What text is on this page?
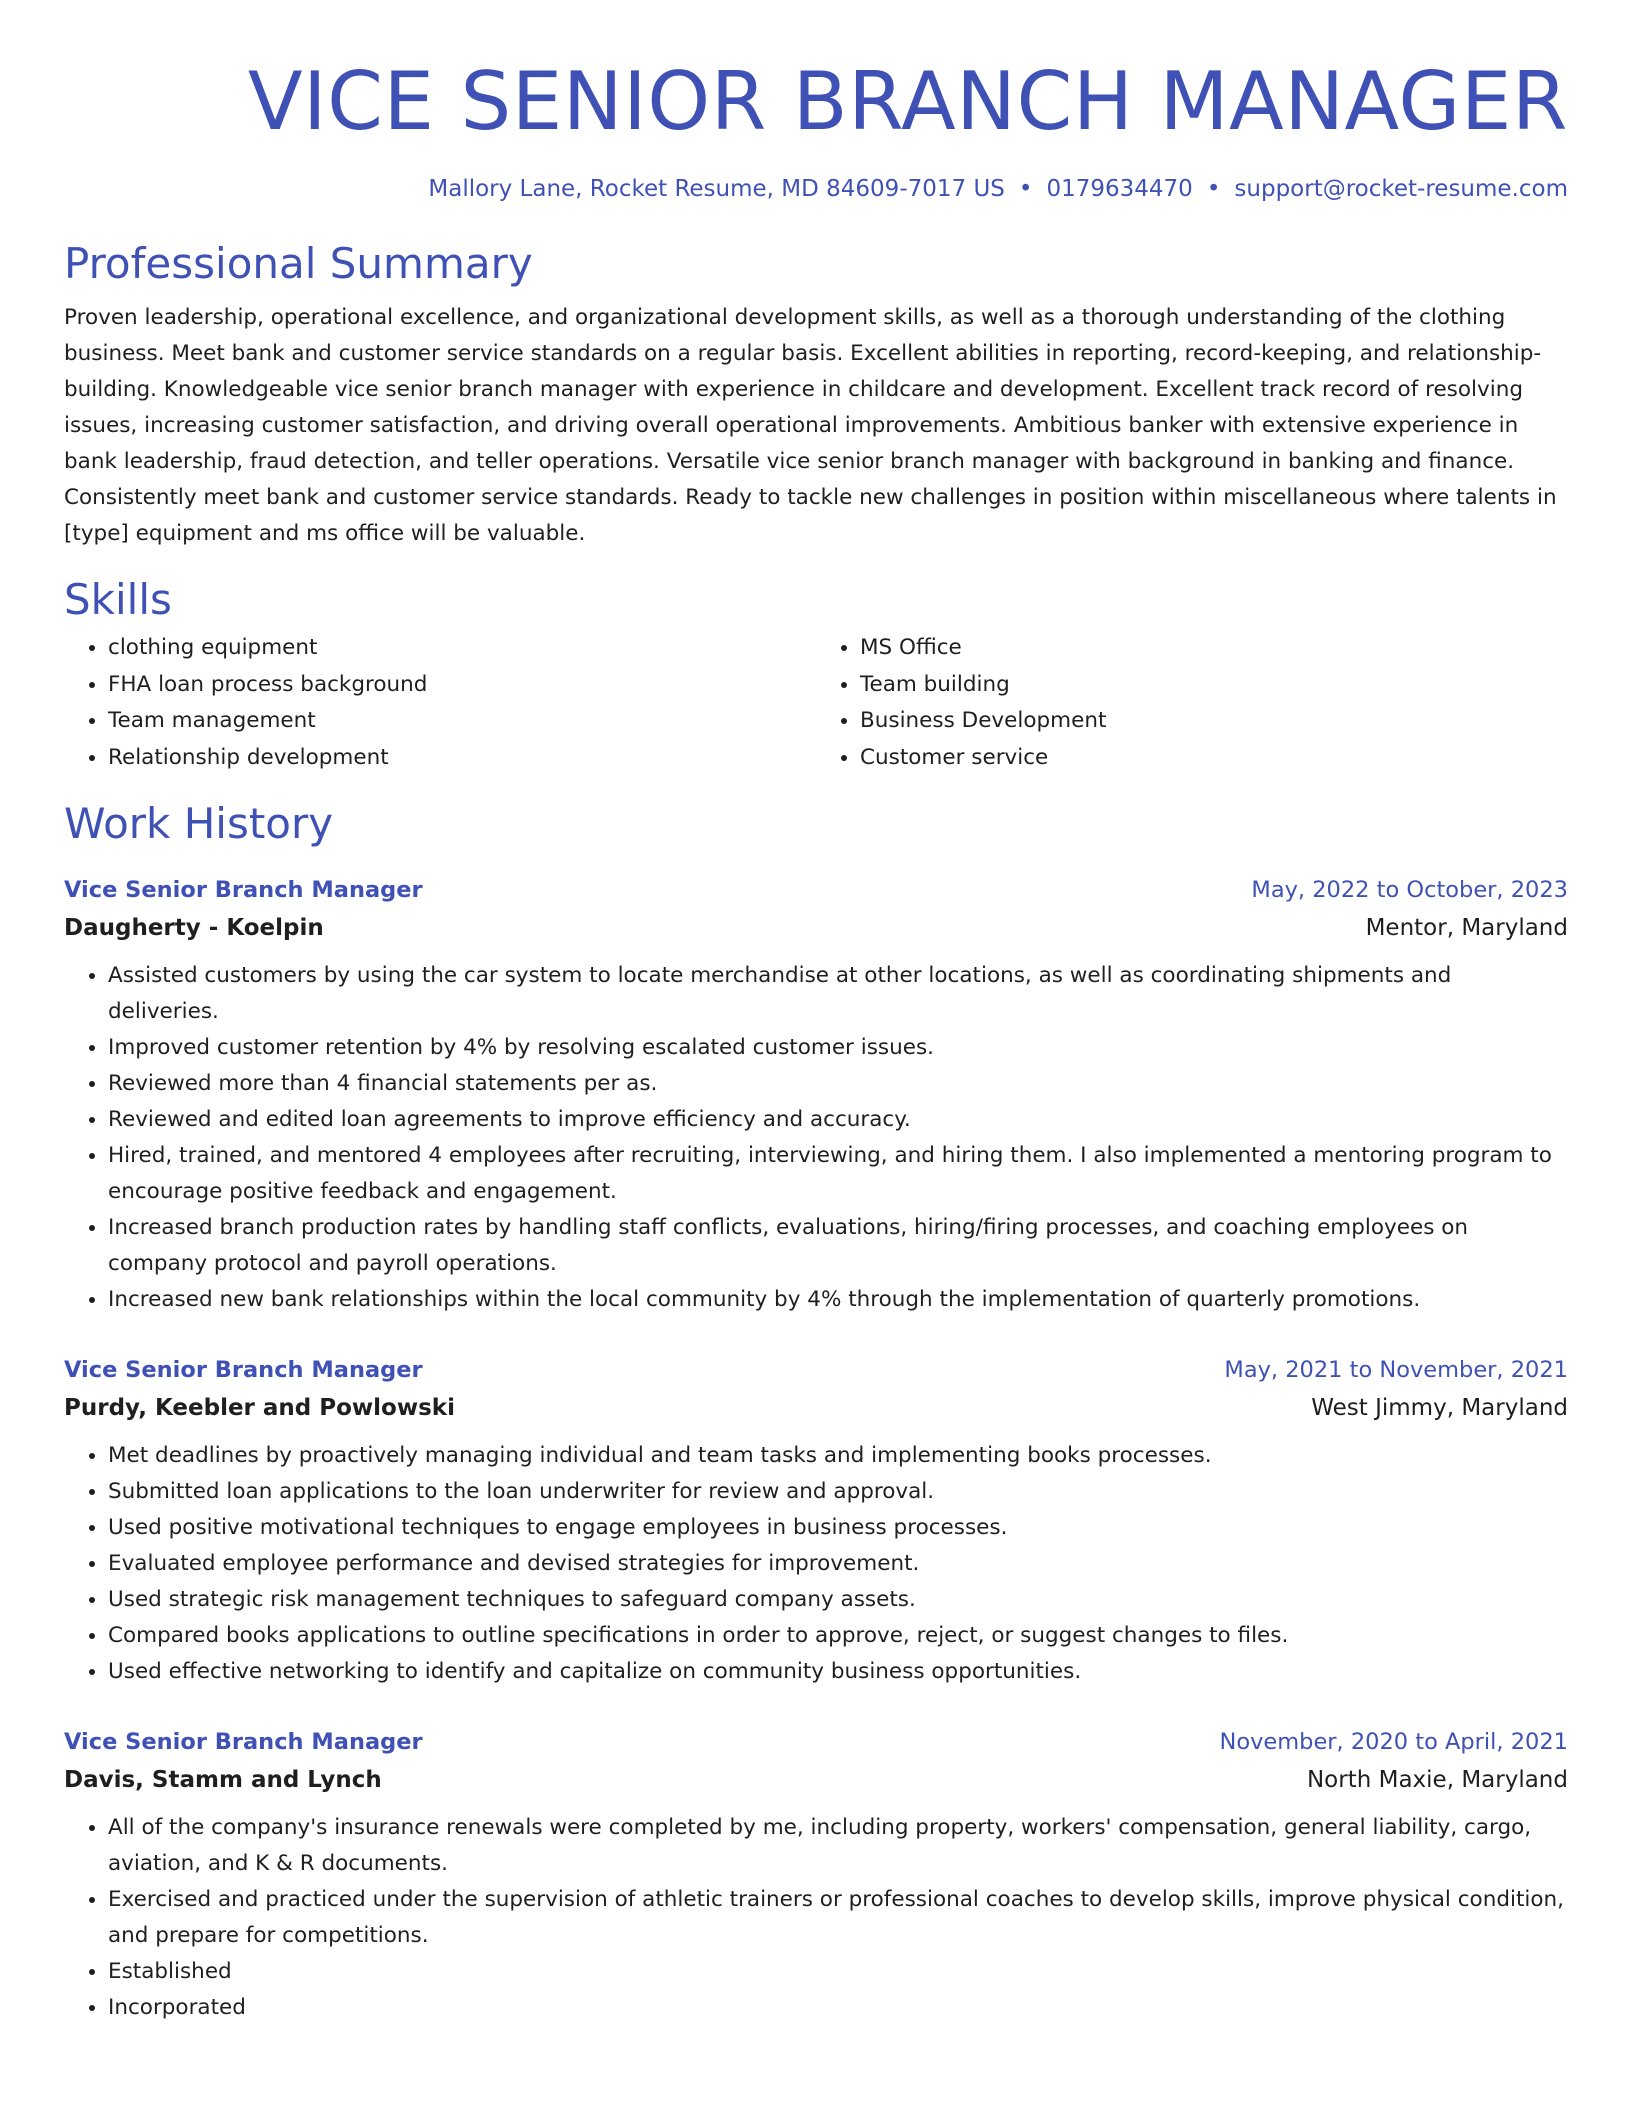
VICE SENIOR BRANCH MANAGER
Mallory Lane, Rocket Resume, MD 84609-7017 US • 0179634470 • support@rocket-resume.com
Professional Summary

Proven leadership, operational excellence, and organizational development skills, as well as a thorough understanding of the clothing business. Meet bank and customer service standards on a regular basis. Excellent abilities in reporting, record-keeping, and relationship-building. Knowledgeable vice senior branch manager with experience in childcare and development. Excellent track record of resolving issues, increasing customer satisfaction, and driving overall operational improvements. Ambitious banker with extensive experience in bank leadership, fraud detection, and teller operations. Versatile vice senior branch manager with background in banking and finance. Consistently meet bank and customer service standards. Ready to tackle new challenges in position within miscellaneous where talents in [type] equipment and ms office will be valuable.

Skills
• clothing equipment
• FHA loan process background
• Team management
• Relationship development
• MS Office
• Team building
• Business Development
• Customer service
Work History
Vice Senior Branch Manager	May, 2022 to October, 2023
Daugherty - Koelpin	Mentor, Maryland
• Assisted customers by using the car system to locate merchandise at other locations, as well as coordinating shipments and deliveries.
• Improved customer retention by 4% by resolving escalated customer issues.
• Reviewed more than 4 financial statements per as.
• Reviewed and edited loan agreements to improve efficiency and accuracy.
• Hired, trained, and mentored 4 employees after recruiting, interviewing, and hiring them. I also implemented a mentoring program to encourage positive feedback and engagement.
• Increased branch production rates by handling staff conflicts, evaluations, hiring/firing processes, and coaching employees on company protocol and payroll operations.
• Increased new bank relationships within the local community by 4% through the implementation of quarterly promotions.
Vice Senior Branch Manager	May, 2021 to November, 2021
Purdy, Keebler and Powlowski	West Jimmy, Maryland
• Met deadlines by proactively managing individual and team tasks and implementing books processes.
• Submitted loan applications to the loan underwriter for review and approval.
• Used positive motivational techniques to engage employees in business processes.
• Evaluated employee performance and devised strategies for improvement.
• Used strategic risk management techniques to safeguard company assets.
• Compared books applications to outline specifications in order to approve, reject, or suggest changes to files.
• Used effective networking to identify and capitalize on community business opportunities.
Vice Senior Branch Manager	November, 2020 to April, 2021
Davis, Stamm and Lynch	North Maxie, Maryland
• All of the company's insurance renewals were completed by me, including property, workers' compensation, general liability, cargo, aviation, and K & R documents.
• Exercised and practiced under the supervision of athletic trainers or professional coaches to develop skills, improve physical condition, and prepare for competitions.
• Established
• Incorporated
